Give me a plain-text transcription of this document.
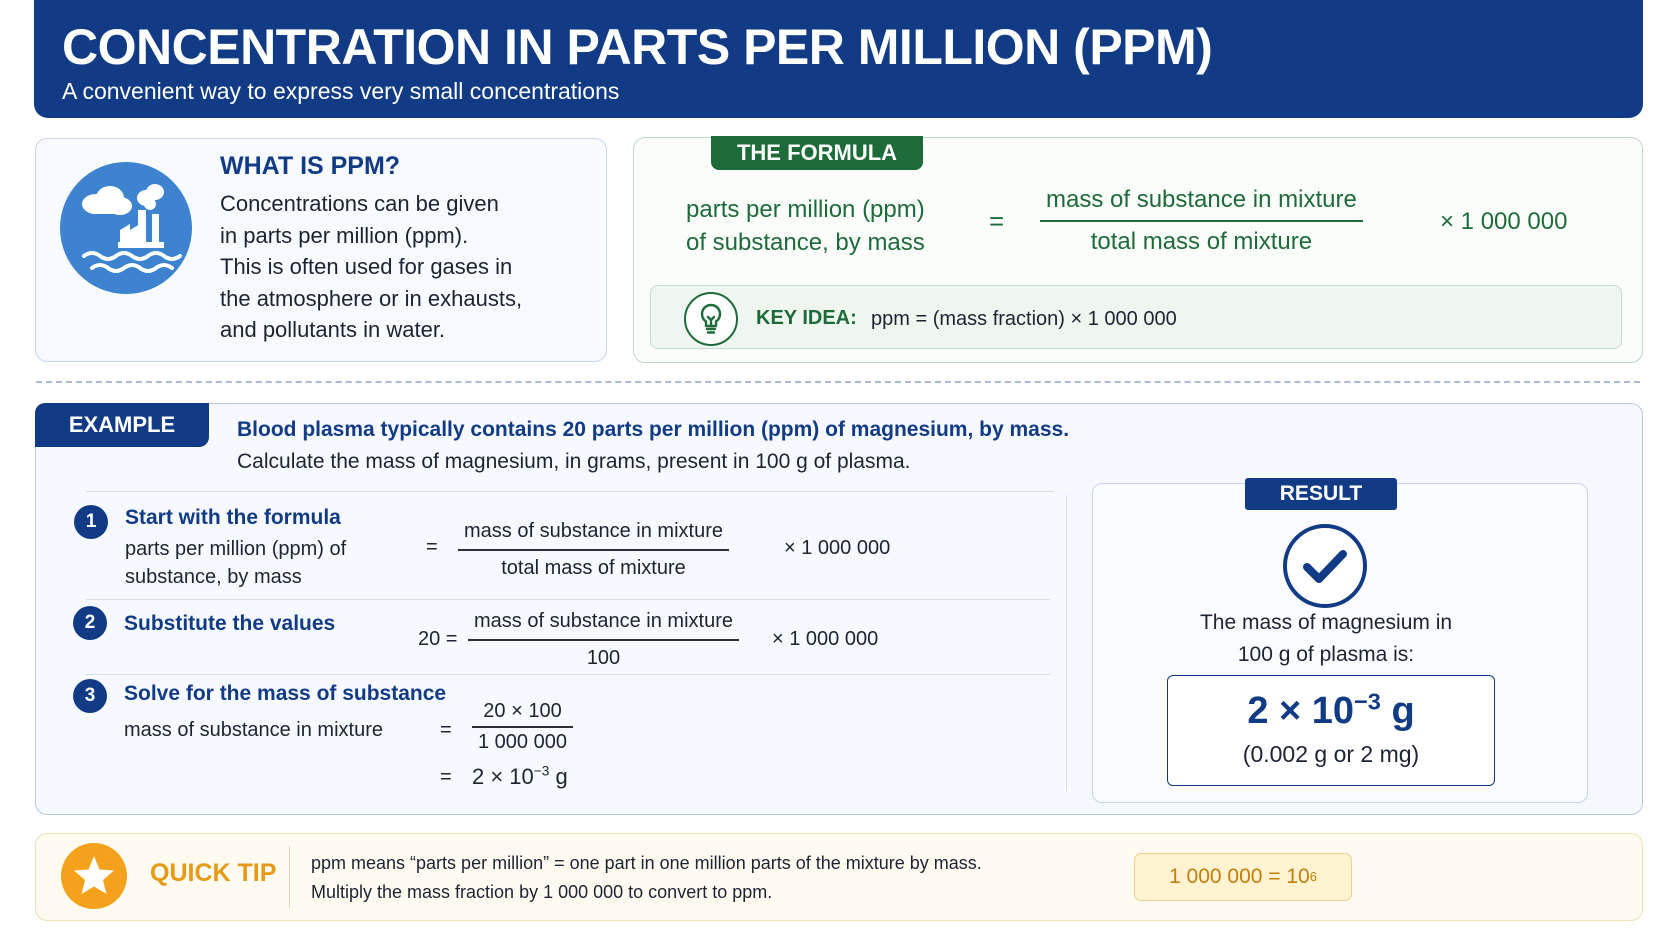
CONCENTRATION IN PARTS PER MILLION (PPM)
A convenient way to express very small concentrations
WHAT IS PPM?
Concentrations can be given
in parts per million (ppm).
This is often used for gases in
the atmosphere or in exhausts,
and pollutants in water.
THE FORMULA
parts per million (ppm)
of substance, by mass
=
mass of substance in mixture
total mass of mixture
× 1 000 000
KEY IDEA: ppm = (mass fraction) × 1 000 000
EXAMPLE	Blood plasma typically contains 20 parts per million (ppm) of magnesium, by mass.
Calculate the mass of magnesium, in grams, present in 100 g of plasma.
1	Start with the formula
parts per million (ppm) of
substance, by mass
=
mass of substance in mixture
total mass of mixture
× 1 000 000
2	Substitute the values
20 =
mass of substance in mixture
100
× 1 000 000
3	Solve for the mass of substance
mass of substance in mixture	=
20 × 100
1 000 000
= $2 \times 10^{-3}$ g
RESULT
The mass of magnesium in
100 g of plasma is:
$2 \times 10^{-3}$ g
(0.002 g or 2 mg)
QUICK TIP ppm means “parts per million” = one part in one million parts of the mixture by mass.
Multiply the mass fraction by 1 000 000 to convert to ppm.
1 000 000 = 10 6
